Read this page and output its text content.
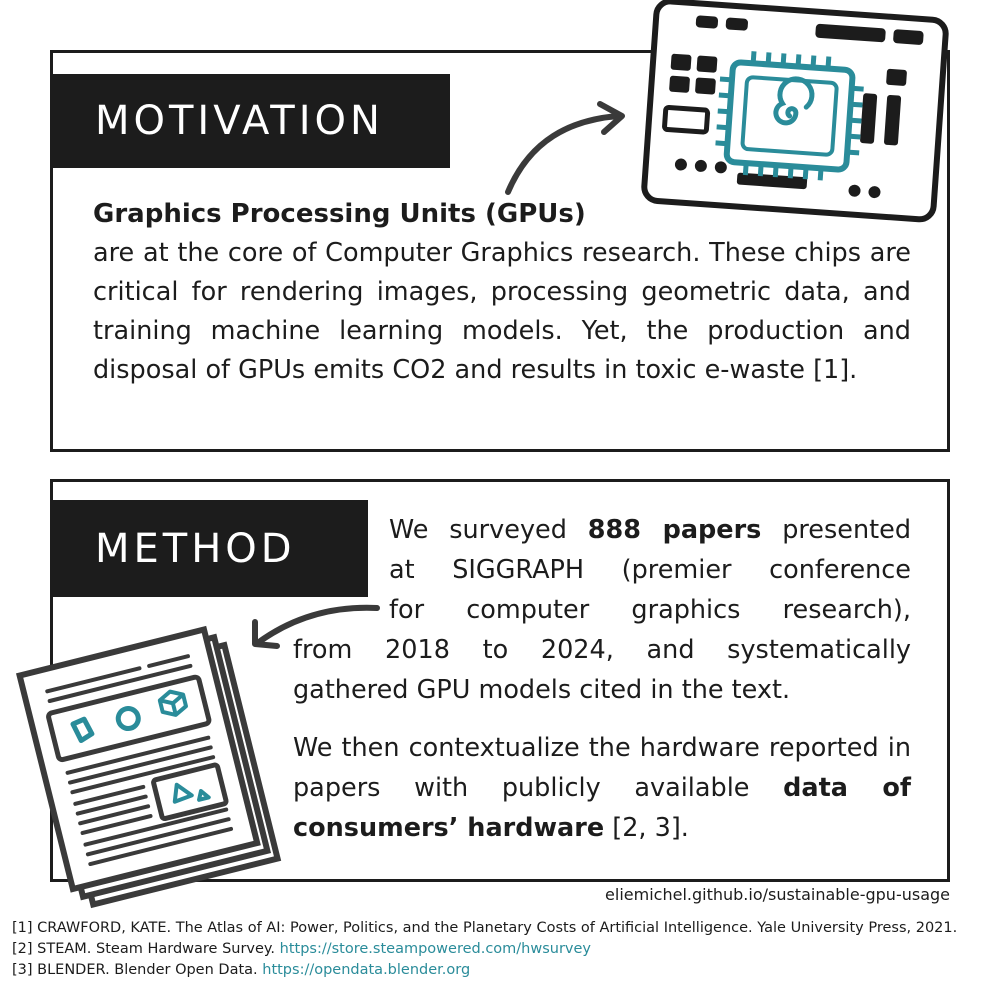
MOTIVATION
Graphics Processing Units (GPUs)
are at the core of Computer Graphics research. These chips are critical for rendering images, processing geometric data, and training machine learning models. Yet, the production and disposal of GPUs emits CO2 and results in toxic e-waste [1].
METHOD	We surveyed 888 papers presented
at SIGGRAPH (premier conference
for computer graphics research),
from 2018 to 2024, and systematically gathered GPU models cited in the text.
We then contextualize the hardware reported in papers with publicly available data of consumers’ hardware [2, 3].
eliemichel.github.io/sustainable-gpu-usage
[1] CRAWFORD, KATE. The Atlas of AI: Power, Politics, and the Planetary Costs of Artificial Intelligence. Yale University Press, 2021.
[2] STEAM. Steam Hardware Survey. https://store.steampowered.com/hwsurvey
[3] BLENDER. Blender Open Data. https://opendata.blender.org
